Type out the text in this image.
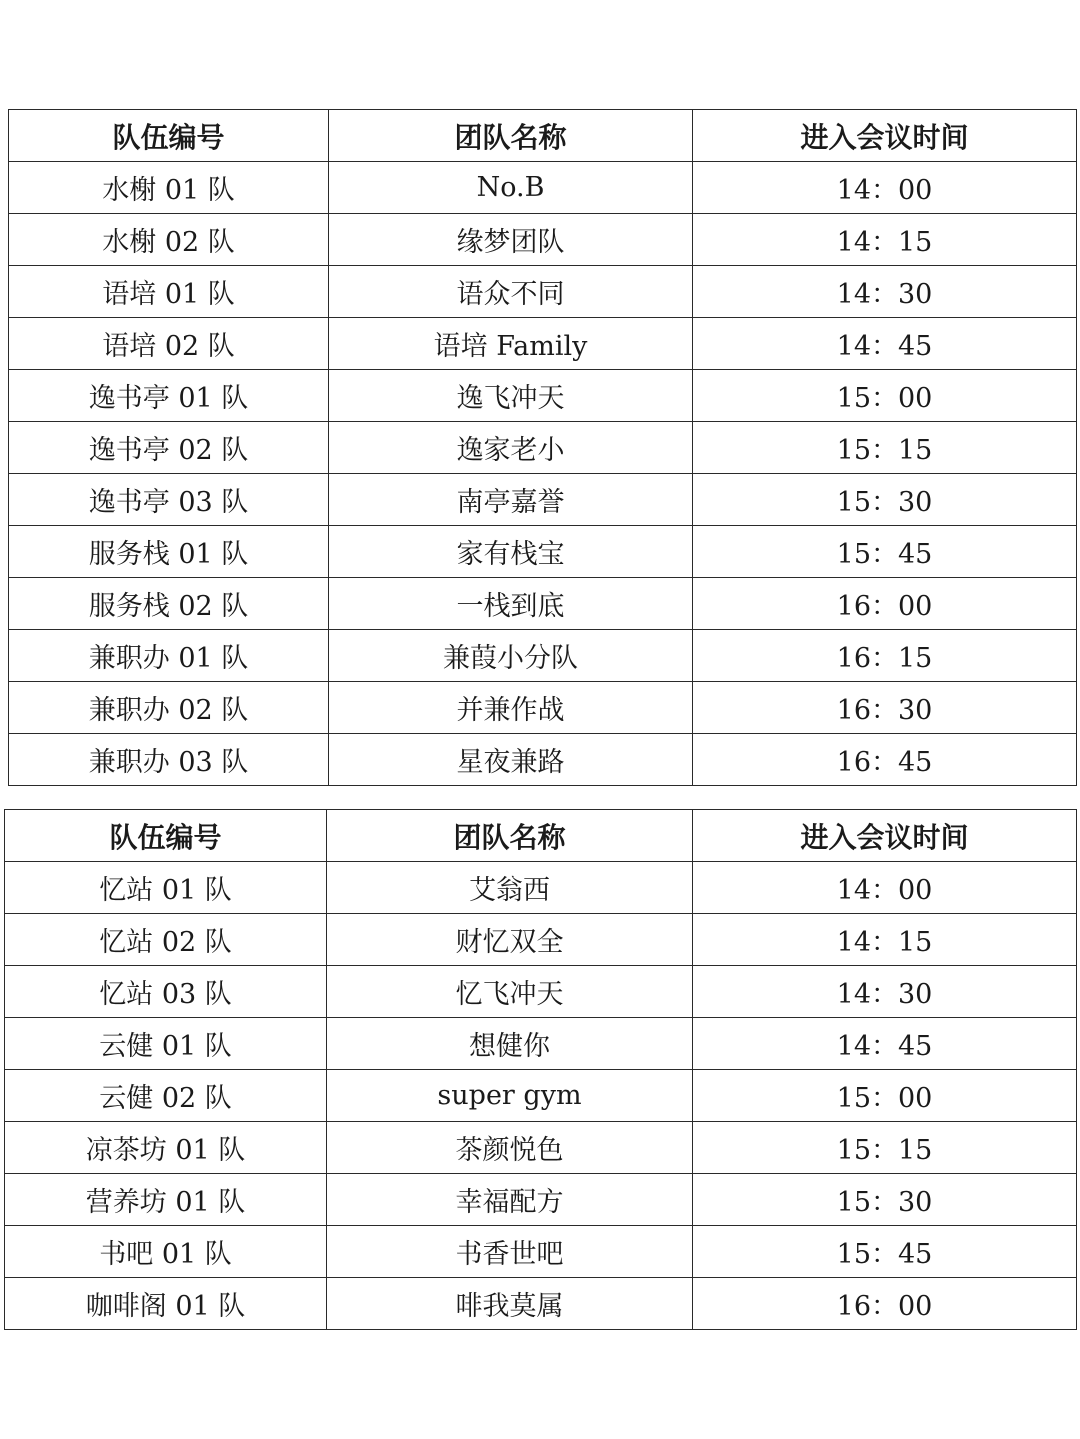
队伍编号	团队名称	进入会议时间
水榭 01 队	No.B	14：00
水榭 02 队	缘梦团队	14：15
语培 01 队	语众不同	14：30
语培 02 队	语培 Family	14：45
逸书亭 01 队	逸飞冲天	15：00
逸书亭 02 队	逸家老小	15：15
逸书亭 03 队	南亭嘉誉	15：30
服务栈 01 队	家有栈宝	15：45
服务栈 02 队	一栈到底	16：00
兼职办 01 队	兼葭小分队	16：15
兼职办 02 队	并兼作战	16：30
兼职办 03 队	星夜兼路	16：45
队伍编号	团队名称	进入会议时间
忆站 01 队	艾翁西	14：00
忆站 02 队	财忆双全	14：15
忆站 03 队	忆飞冲天	14：30
云健 01 队	想健你	14：45
云健 02 队	super gym	15：00
凉茶坊 01 队	茶颜悦色	15：15
营养坊 01 队	幸福配方	15：30
书吧 01 队	书香世吧	15：45
咖啡阁 01 队	啡我莫属	16：00
